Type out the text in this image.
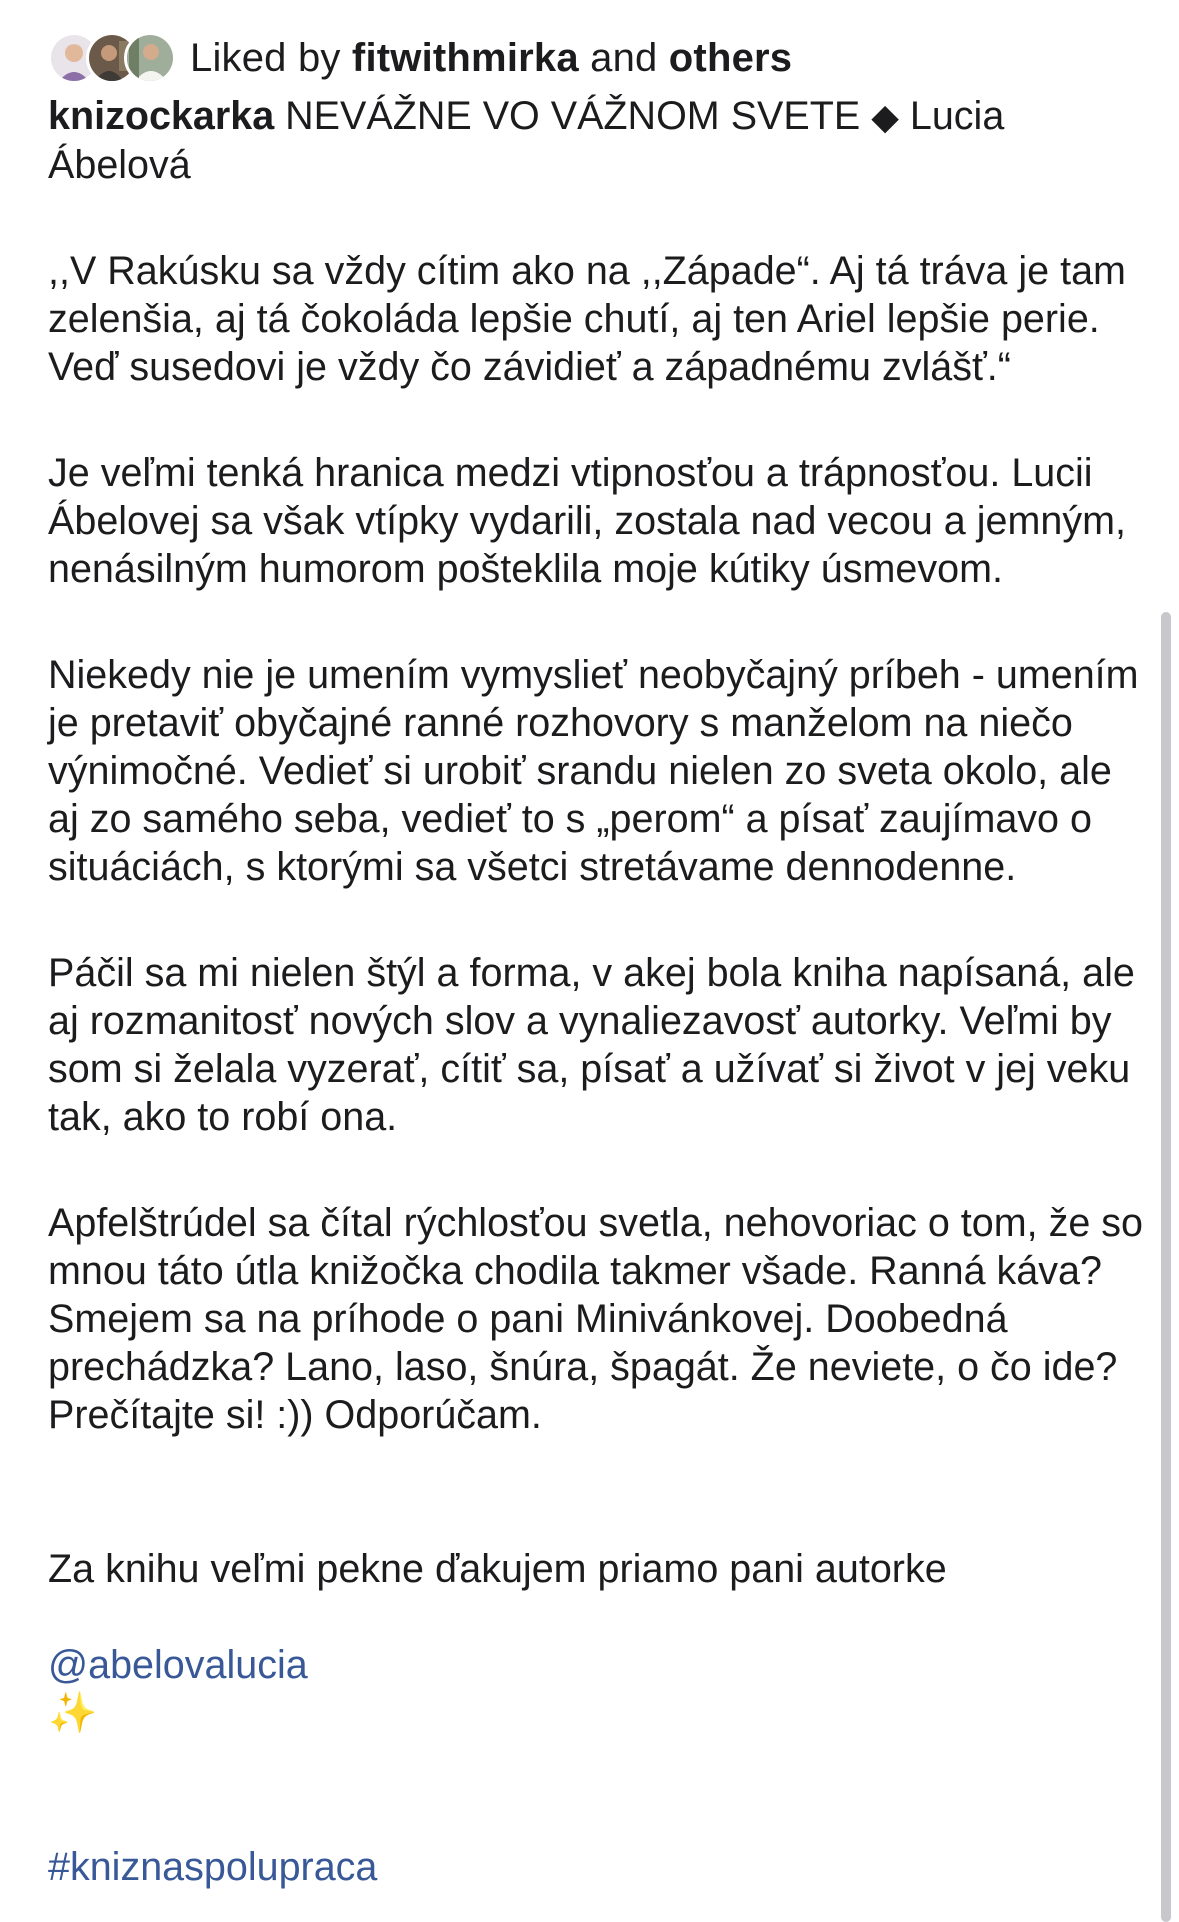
Liked by fitwithmirka and others
knizockarka NEVÁŽNE VO VÁŽNOM SVETE ◆ Lucia Ábelová

,,V Rakúsku sa vždy cítim ako na ,,Západe“. Aj tá tráva je tam zelenšia, aj tá čokoláda lepšie chutí, aj ten Ariel lepšie perie. Veď susedovi je vždy čo závidieť a západnému zvlášť.“

Je veľmi tenká hranica medzi vtipnosťou a trápnosťou. Lucii Ábelovej sa však vtípky vydarili, zostala nad vecou a jemným, nenásilným humorom pošteklila moje kútiky úsmevom.

Niekedy nie je umením vymyslieť neobyčajný príbeh - umením je pretaviť obyčajné ranné rozhovory s manželom na niečo výnimočné. Vedieť si urobiť srandu nielen zo sveta okolo, ale aj zo samého seba, vedieť to s „perom“ a písať zaujímavo o situáciách, s ktorými sa všetci stretávame dennodenne.

Páčil sa mi nielen štýl a forma, v akej bola kniha napísaná, ale aj rozmanitosť nových slov a vynaliezavosť autorky. Veľmi by som si želala vyzerať, cítiť sa, písať a užívať si život v jej veku tak, ako to robí ona.

Apfelštrúdel sa čítal rýchlosťou svetla, nehovoriac o tom, že so mnou táto útla knižočka chodila takmer všade. Ranná káva? Smejem sa na príhode o pani Minivánkovej. Doobedná prechádzka? Lano, laso, šnúra, špagát. Že neviete, o čo ide? Prečítajte si! :)) Odporúčam.

Za knihu veľmi pekne ďakujem priamo pani autorke

@abelovalucia
✨

#kniznaspolupraca
